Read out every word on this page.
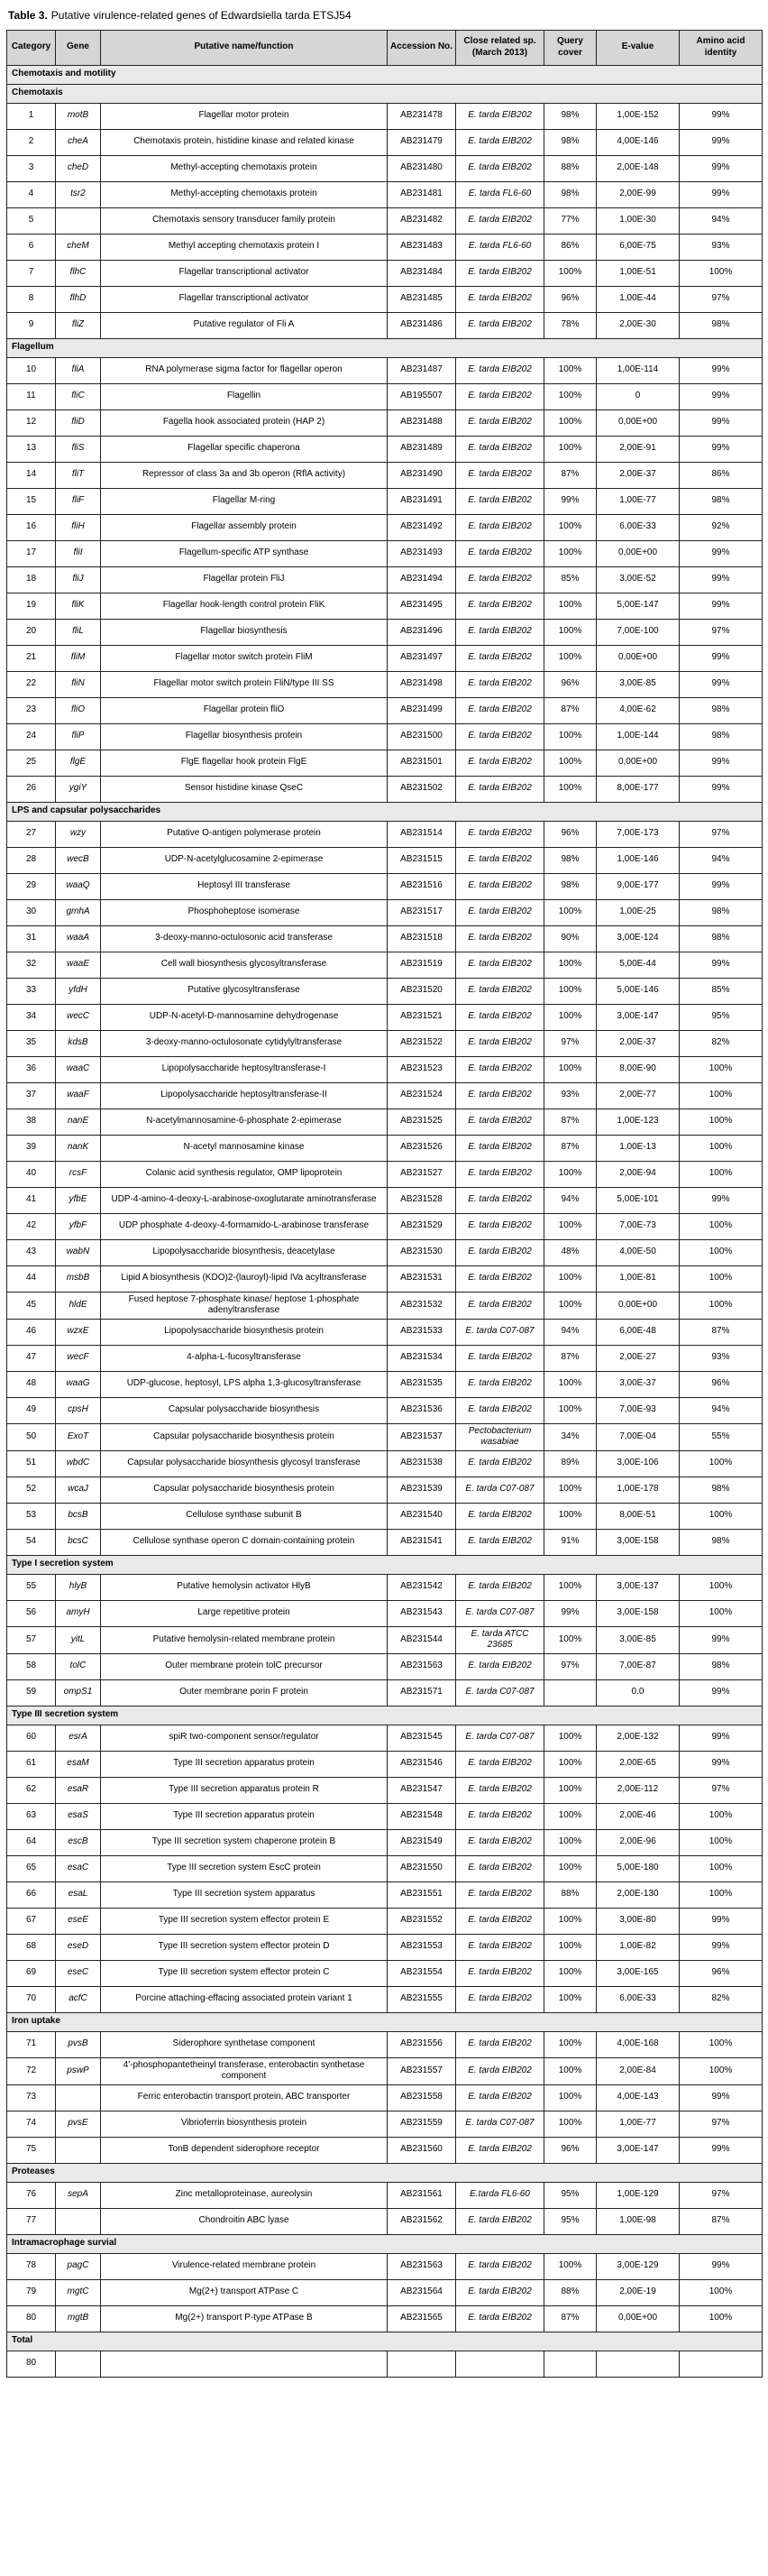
Table 3. Putative virulence-related genes of Edwardsiella tarda ETSJ54
Category	Gene	Putative name/function	Accession No.	Close related sp. (March 2013)	Query cover	E-value	Amino acid identity
Chemotaxis and motility							
Chemotaxis							
1	motB	Flagellar motor protein	AB231478	E. tarda EIB202	98%	1,00E-152	99%
2	cheA	Chemotaxis protein, histidine kinase and related kinase	AB231479	E. tarda EIB202	98%	4,00E-146	99%
3	cheD	Methyl-accepting chemotaxis protein	AB231480	E. tarda EIB202	88%	2,00E-148	99%
4	tsr2	Methyl-accepting chemotaxis protein	AB231481	E. tarda FL6-60	98%	2,00E-99	99%
5		Chemotaxis sensory transducer family protein	AB231482	E. tarda EIB202	77%	1,00E-30	94%
6	cheM	Methyl accepting chemotaxis protein I	AB231483	E. tarda FL6-60	86%	6,00E-75	93%
7	flhC	Flagellar transcriptional activator	AB231484	E. tarda EIB202	100%	1,00E-51	100%
8	flhD	Flagellar transcriptional activator	AB231485	E. tarda EIB202	96%	1,00E-44	97%
9	fliZ	Putative regulator of Fli A	AB231486	E. tarda EIB202	78%	2,00E-30	98%
Flagellum							
10	fliA	RNA polymerase sigma factor for flagellar operon	AB231487	E. tarda EIB202	100%	1,00E-114	99%
11	fliC	Flagellin	AB195507	E. tarda EIB202	100%	0	99%
12	fliD	Fagella hook associated protein (HAP 2)	AB231488	E. tarda EIB202	100%	0,00E+00	99%
13	fliS	Flagellar specific chaperona	AB231489	E. tarda EIB202	100%	2,00E-91	99%
14	fliT	Repressor of class 3a and 3b operon (RflA activity)	AB231490	E. tarda EIB202	87%	2,00E-37	86%
15	fliF	Flagellar M-ring	AB231491	E. tarda EIB202	99%	1,00E-77	98%
16	fliH	Flagellar assembly protein	AB231492	E. tarda EIB202	100%	6,00E-33	92%
17	fliI	Flagellum-specific ATP synthase	AB231493	E. tarda EIB202	100%	0,00E+00	99%
18	fliJ	Flagellar protein FliJ	AB231494	E. tarda EIB202	85%	3,00E-52	99%
19	fliK	Flagellar hook-length control protein FliK	AB231495	E. tarda EIB202	100%	5,00E-147	99%
20	fliL	Flagellar biosynthesis	AB231496	E. tarda EIB202	100%	7,00E-100	97%
21	fliM	Flagellar motor switch protein FliM	AB231497	E. tarda EIB202	100%	0,00E+00	99%
22	fliN	Flagellar motor switch protein FliN/type III SS	AB231498	E. tarda EIB202	96%	3,00E-85	99%
23	fliO	Flagellar protein fliO	AB231499	E. tarda EIB202	87%	4,00E-62	98%
24	fliP	Flagellar biosynthesis protein	AB231500	E. tarda EIB202	100%	1,00E-144	98%
25	flgE	FlgE flagellar hook protein FlgE	AB231501	E. tarda EIB202	100%	0,00E+00	99%
26	ygiY	Sensor histidine kinase QseC	AB231502	E. tarda EIB202	100%	8,00E-177	99%
LPS and capsular polysaccharides							
27	wzy	Putative O-antigen polymerase protein	AB231514	E. tarda EIB202	96%	7,00E-173	97%
28	wecB	UDP-N-acetylglucosamine 2-epimerase	AB231515	E. tarda EIB202	98%	1,00E-146	94%
29	waaQ	Heptosyl III transferase	AB231516	E. tarda EIB202	98%	9,00E-177	99%
30	gmhA	Phosphoheptose isomerase	AB231517	E. tarda EIB202	100%	1,00E-25	98%
31	waaA	3-deoxy-manno-octulosonic acid transferase	AB231518	E. tarda EIB202	90%	3,00E-124	98%
32	waaE	Cell wall biosynthesis glycosyltransferase	AB231519	E. tarda EIB202	100%	5,00E-44	99%
33	yfdH	Putative glycosyltransferase	AB231520	E. tarda EIB202	100%	5,00E-146	85%
34	wecC	UDP-N-acetyl-D-mannosamine dehydrogenase	AB231521	E. tarda EIB202	100%	3,00E-147	95%
35	kdsB	3-deoxy-manno-octulosonate cytidylyltransferase	AB231522	E. tarda EIB202	97%	2,00E-37	82%
36	waaC	Lipopolysaccharide heptosyltransferase-I	AB231523	E. tarda EIB202	100%	8,00E-90	100%
37	waaF	Lipopolysaccharide heptosyltransferase-II	AB231524	E. tarda EIB202	93%	2,00E-77	100%
38	nanE	N-acetylmannosamine-6-phosphate 2-epimerase	AB231525	E. tarda EIB202	87%	1,00E-123	100%
39	nanK	N-acetyl mannosamine kinase	AB231526	E. tarda EIB202	87%	1,00E-13	100%
40	rcsF	Colanic acid synthesis regulator, OMP lipoprotein	AB231527	E. tarda EIB202	100%	2,00E-94	100%
41	yfbE	UDP-4-amino-4-deoxy-L-arabinose-oxoglutarate aminotransferase	AB231528	E. tarda EIB202	94%	5,00E-101	99%
42	yfbF	UDP phosphate 4-deoxy-4-formamido-L-arabinose transferase	AB231529	E. tarda EIB202	100%	7,00E-73	100%
43	wabN	Lipopolysaccharide biosynthesis, deacetylase	AB231530	E. tarda EIB202	48%	4,00E-50	100%
44	msbB	Lipid A biosynthesis (KDO)2-(lauroyl)-lipid IVa acyltransferase	AB231531	E. tarda EIB202	100%	1,00E-81	100%
45	hldE	Fused heptose 7-phosphate kinase/ heptose 1-phosphate adenyltransferase	AB231532	E. tarda EIB202	100%	0,00E+00	100%
46	wzxE	Lipopolysaccharide biosynthesis protein	AB231533	E. tarda C07-087	94%	6,00E-48	87%
47	wecF	4-alpha-L-fucosyltransferase	AB231534	E. tarda EIB202	87%	2,00E-27	93%
48	waaG	UDP-glucose, heptosyl, LPS alpha 1,3-glucosyltransferase	AB231535	E. tarda EIB202	100%	3,00E-37	96%
49	cpsH	Capsular polysaccharide biosynthesis	AB231536	E. tarda EIB202	100%	7,00E-93	94%
50	ExoT	Capsular polysaccharide biosynthesis protein	AB231537	Pectobacterium wasabiae	34%	7,00E-04	55%
51	wbdC	Capsular polysaccharide biosynthesis glycosyl transferase	AB231538	E. tarda EIB202	89%	3,00E-106	100%
52	wcaJ	Capsular polysaccharide biosynthesis protein	AB231539	E. tarda C07-087	100%	1,00E-178	98%
53	bcsB	Cellulose synthase subunit B	AB231540	E. tarda EIB202	100%	8,00E-51	100%
54	bcsC	Cellulose synthase operon C domain-containing protein	AB231541	E. tarda EIB202	91%	3,00E-158	98%
Type I secretion system							
55	hlyB	Putative hemolysin activator HlyB	AB231542	E. tarda EIB202	100%	3,00E-137	100%
56	amyH	Large repetitive protein	AB231543	E. tarda C07-087	99%	3,00E-158	100%
57	yitL	Putative hemolysin-related membrane protein	AB231544	E. tarda ATCC 23685	100%	3,00E-85	99%
58	tolC	Outer membrane protein tolC precursor	AB231563	E. tarda EIB202	97%	7,00E-87	98%
59	ompS1	Outer membrane porin F protein	AB231571	E. tarda C07-087		0.0	99%
Type III secretion system							
60	esrA	spiR two-component sensor/regulator	AB231545	E. tarda C07-087	100%	2,00E-132	99%
61	esaM	Type III secretion apparatus protein	AB231546	E. tarda EIB202	100%	2,00E-65	99%
62	esaR	Type III secretion apparatus protein R	AB231547	E. tarda EIB202	100%	2,00E-112	97%
63	esaS	Type III secretion apparatus protein	AB231548	E. tarda EIB202	100%	2,00E-46	100%
64	escB	Type III secretion system chaperone protein B	AB231549	E. tarda EIB202	100%	2,00E-96	100%
65	esaC	Type III secretion system EscC protein	AB231550	E. tarda EIB202	100%	5,00E-180	100%
66	esaL	Type III secretion system apparatus	AB231551	E. tarda EIB202	88%	2,00E-130	100%
67	eseE	Type III secretion system effector protein E	AB231552	E. tarda EIB202	100%	3,00E-80	99%
68	eseD	Type III secretion system effector protein D	AB231553	E. tarda EIB202	100%	1,00E-82	99%
69	eseC	Type III secretion system effector protein C	AB231554	E. tarda EIB202	100%	3,00E-165	96%
70	acfC	Porcine attaching-effacing associated protein variant 1	AB231555	E. tarda EIB202	100%	6,00E-33	82%
Iron uptake							
71	pvsB	Siderophore synthetase component	AB231556	E. tarda EIB202	100%	4,00E-168	100%
72	pswP	4'-phosphopantetheinyl transferase, enterobactin synthetase component	AB231557	E. tarda EIB202	100%	2,00E-84	100%
73		Ferric enterobactin transport protein, ABC transporter	AB231558	E. tarda EIB202	100%	4,00E-143	99%
74	pvsE	Vibrioferrin biosynthesis protein	AB231559	E. tarda C07-087	100%	1,00E-77	97%
75		TonB dependent siderophore receptor	AB231560	E. tarda EIB202	96%	3,00E-147	99%
Proteases							
76	sepA	Zinc metalloproteinase, aureolysin	AB231561	E.tarda FL6-60	95%	1,00E-129	97%
77		Chondroitin ABC lyase	AB231562	E. tarda EIB202	95%	1,00E-98	87%
Intramacrophage survial							
78	pagC	Virulence-related membrane protein	AB231563	E. tarda EIB202	100%	3,00E-129	99%
79	mgtC	Mg(2+) transport ATPase C	AB231564	E. tarda EIB202	88%	2,00E-19	100%
80	mgtB	Mg(2+) transport P-type ATPase B	AB231565	E. tarda EIB202	87%	0,00E+00	100%
Total							
80							
